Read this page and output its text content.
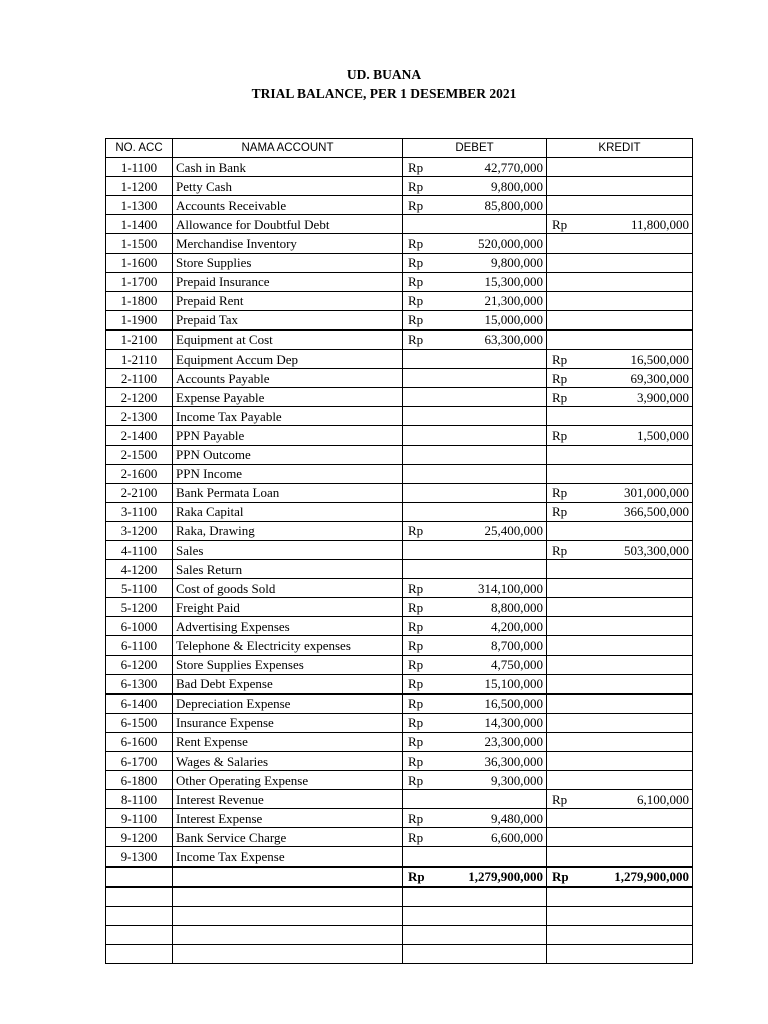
UD. BUANA
TRIAL BALANCE, PER 1 DESEMBER 2021
NO. ACC	NAMA ACCOUNT	DEBET		KREDIT	
1-1100	Cash in Bank	Rp	42,770,000		
1-1200	Petty Cash	Rp	9,800,000		
1-1300	Accounts Receivable	Rp	85,800,000		
1-1400	Allowance for Doubtful Debt			Rp	11,800,000
1-1500	Merchandise Inventory	Rp	520,000,000		
1-1600	Store Supplies	Rp	9,800,000		
1-1700	Prepaid Insurance	Rp	15,300,000		
1-1800	Prepaid Rent	Rp	21,300,000		
1-1900	Prepaid Tax	Rp	15,000,000		
1-2100	Equipment at Cost	Rp	63,300,000		
1-2110	Equipment Accum Dep			Rp	16,500,000
2-1100	Accounts Payable			Rp	69,300,000
2-1200	Expense Payable			Rp	3,900,000
2-1300	Income Tax Payable				
2-1400	PPN Payable			Rp	1,500,000
2-1500	PPN Outcome				
2-1600	PPN Income				
2-2100	Bank Permata Loan			Rp	301,000,000
3-1100	Raka Capital			Rp	366,500,000
3-1200	Raka, Drawing	Rp	25,400,000		
4-1100	Sales			Rp	503,300,000
4-1200	Sales Return				
5-1100	Cost of goods Sold	Rp	314,100,000		
5-1200	Freight Paid	Rp	8,800,000		
6-1000	Advertising Expenses	Rp	4,200,000		
6-1100	Telephone & Electricity expenses	Rp	8,700,000		
6-1200	Store Supplies Expenses	Rp	4,750,000		
6-1300	Bad Debt Expense	Rp	15,100,000		
6-1400	Depreciation Expense	Rp	16,500,000		
6-1500	Insurance Expense	Rp	14,300,000		
6-1600	Rent Expense	Rp	23,300,000		
6-1700	Wages & Salaries	Rp	36,300,000		
6-1800	Other Operating Expense	Rp	9,300,000		
8-1100	Interest Revenue			Rp	6,100,000
9-1100	Interest Expense	Rp	9,480,000		
9-1200	Bank Service Charge	Rp	6,600,000		
9-1300	Income Tax Expense				
		Rp	1,279,900,000	Rp	1,279,900,000
